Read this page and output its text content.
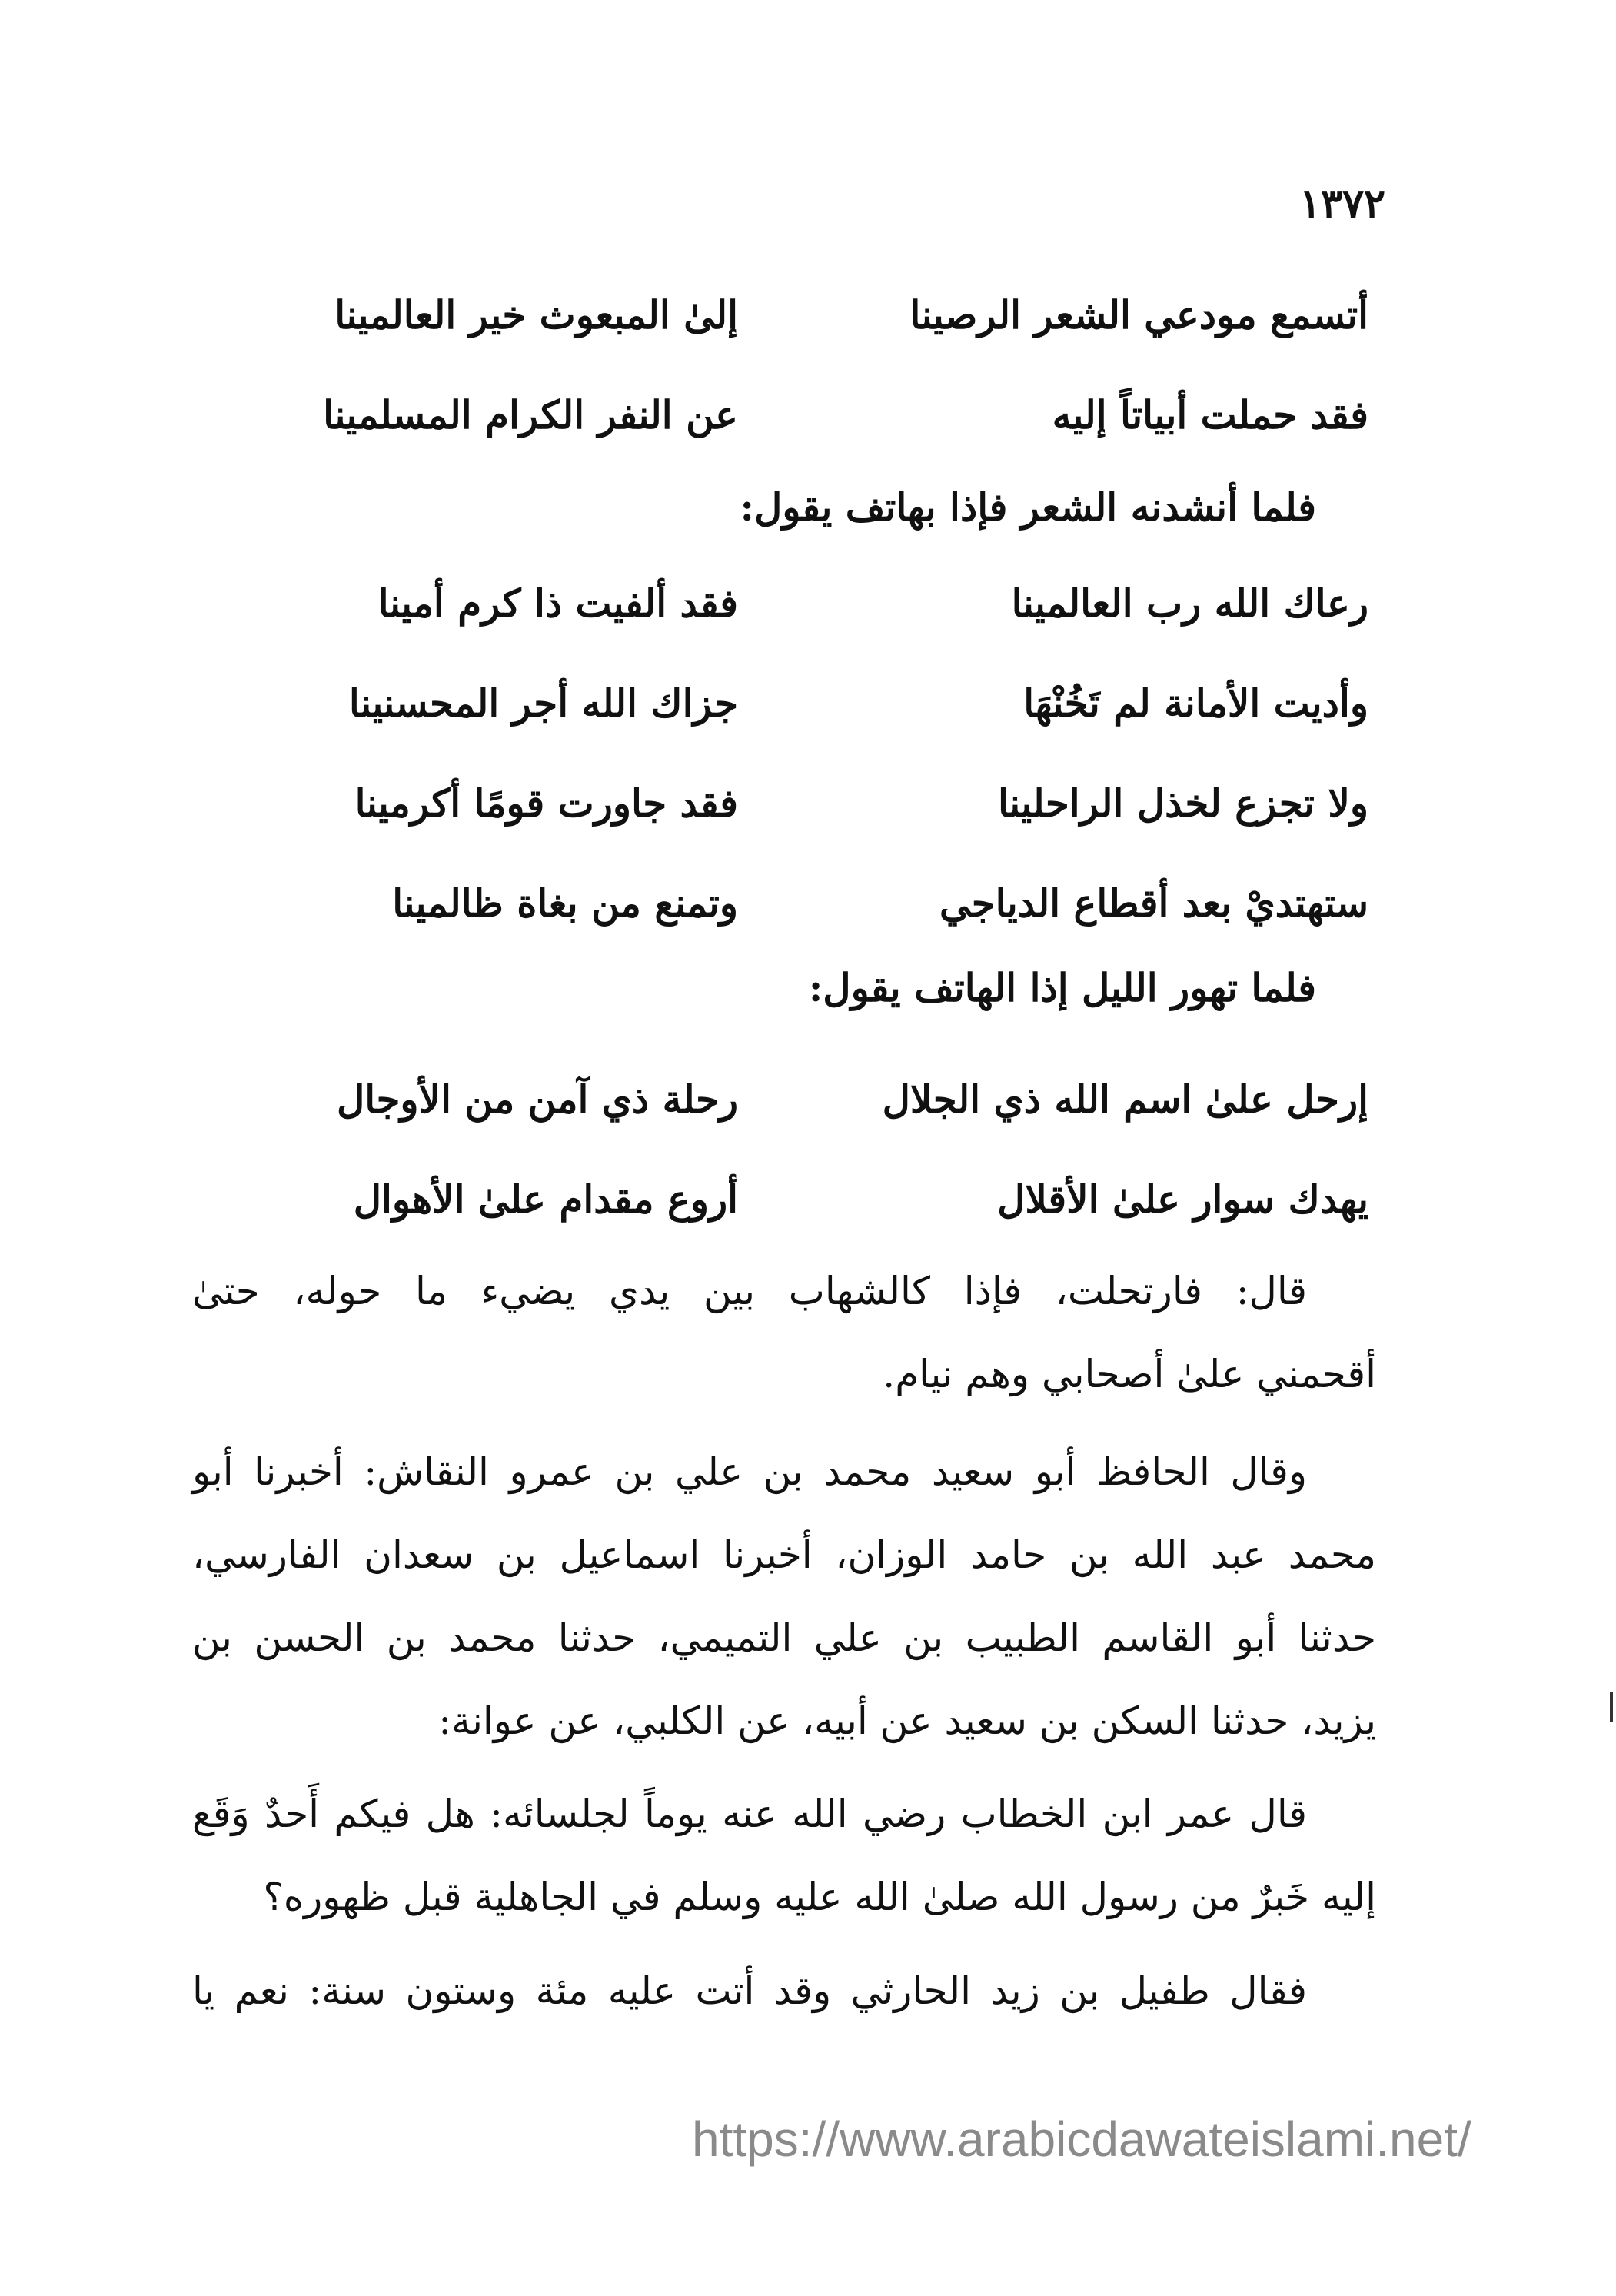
١٣٧٢
أتسمع مودعي الشعر الرصينا
إلىٰ المبعوث خير العالمينا
فقد حملت أبياتاً إليه
عن النفر الكرام المسلمينا
فلما أنشدنه الشعر فإذا بهاتف يقول:
رعاك الله رب العالمينا
فقد ألفيت ذا كرم أمينا
وأديت الأمانة لم تَخُنْهَا
جزاك الله أجر المحسنينا
ولا تجزع لخذل الراحلينا
فقد جاورت قومًا أكرمينا
ستهتديْ بعد أقطاع الدياجي
وتمنع من بغاة ظالمينا
فلما تهور الليل إذا الهاتف يقول:
إرحل علىٰ اسم الله ذي الجلال
رحلة ذي آمن من الأوجال
يهدك سوار علىٰ الأقلال
أروع مقدام علىٰ الأهوال
قال: فارتحلت، فإذا كالشهاب بين يدي يضيء ما حوله، حتىٰ
أقحمني علىٰ أصحابي وهم نيام.
وقال الحافظ أبو سعيد محمد بن علي بن عمرو النقاش: أخبرنا أبو
محمد عبد الله بن حامد الوزان، أخبرنا اسماعيل بن سعدان الفارسي،
حدثنا أبو القاسم الطبيب بن علي التميمي، حدثنا محمد بن الحسن بن
يزيد، حدثنا السكن بن سعيد عن أبيه، عن الكلبي، عن عوانة:
قال عمر ابن الخطاب رضي الله عنه يوماً لجلسائه: هل فيكم أَحدٌ وَقَع
إليه خَبرٌ من رسول الله صلىٰ الله عليه وسلم في الجاهلية قبل ظهوره؟
فقال طفيل بن زيد الحارثي وقد أتت عليه مئة وستون سنة: نعم يا
https://www.arabicdawateislami.net/
